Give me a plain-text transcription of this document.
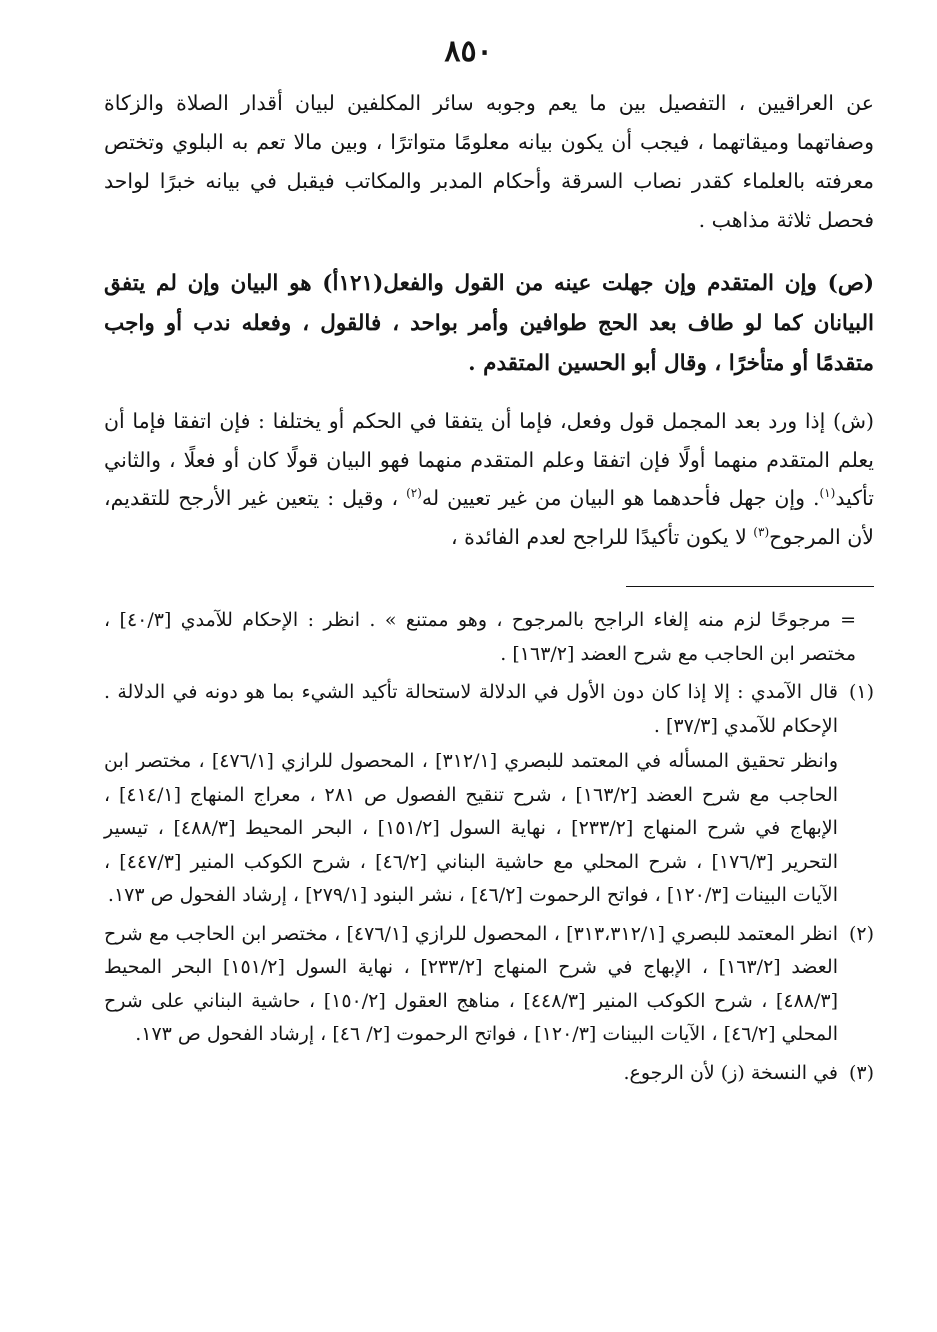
٨٥٠
عن العراقيين ، التفصيل بين ما يعم وجوبه سائر المكلفين لبيان أقدار الصلاة والزكاة وصفاتهما وميقاتهما ، فيجب أن يكون بيانه معلومًا متواترًا ، وبين مالا تعم به البلوي وتختص معرفته بالعلماء كقدر نصاب السرقة وأحكام المدبر والمكاتب فيقبل في بيانه خبرًا لواحد فحصل ثلاثة مذاهب .
(ص) وإن المتقدم وإن جهلت عينه من القول والفعل(١٢١أ) هو البيان وإن لم يتفق البيانان كما لو طاف بعد الحج طوافين وأمر بواحد ، فالقول ، وفعله ندب أو واجب متقدمًا أو متأخرًا ، وقال أبو الحسين المتقدم .
(ش) إذا ورد بعد المجمل قول وفعل، فإما أن يتفقا في الحكم أو يختلفا : فإن اتفقا فإما أن يعلم المتقدم منهما أولًا فإن اتفقا وعلم المتقدم منهما فهو البيان قولًا كان أو فعلًا ، والثاني تأكيد$^{(١)}$. وإن جهل فأحدهما هو البيان من غير تعيين له$^{(٢)}$ ، وقيل : يتعين غير الأرجح للتقديم، لأن المرجوح$^{(٣)}$ لا يكون تأكيدًا للراجح لعدم الفائدة ،
= مرجوحًا لزم منه إلغاء الراجح بالمرجوح ، وهو ممتنع » . انظر : الإحكام للآمدي [٤٠/٣] ، مختصر ابن الحاجب مع شرح العضد [١٦٣/٢] .
(١)
قال الآمدي : إلا إذا كان دون الأول في الدلالة لاستحالة تأكيد الشيء بما هو دونه في الدلالة . الإحكام للآمدي [٣٧/٣] .
وانظر تحقيق المسأله في المعتمد للبصري [٣١٢/١] ، المحصول للرازي [٤٧٦/١] ، مختصر ابن الحاجب مع شرح العضد [١٦٣/٢] ، شرح تنقيح الفصول ص ٢٨١ ، معراج المنهاج [٤١٤/١] ، الإبهاج في شرح المنهاج [٢٣٣/٢] ، نهاية السول [١٥١/٢] ، البحر المحيط [٤٨٨/٣] ، تيسير التحرير [١٧٦/٣] ، شرح المحلي مع حاشية البناني [٤٦/٢] ، شرح الكوكب المنير [٤٤٧/٣] ، الآيات البينات [١٢٠/٣] ، فواتح الرحموت [٤٦/٢] ، نشر البنود [٢٧٩/١] ، إرشاد الفحول ص ١٧٣.
(٢)
انظر المعتمد للبصري [٣١٣،٣١٢/١] ، المحصول للرازي [٤٧٦/١] ، مختصر ابن الحاجب مع شرح العضد [١٦٣/٢] ، الإبهاج في شرح المنهاج [٢٣٣/٢] ، نهاية السول [١٥١/٢] البحر المحيط [٤٨٨/٣] ، شرح الكوكب المنير [٤٤٨/٣] ، مناهج العقول [١٥٠/٢] ، حاشية البناني على شرح المحلي [٤٦/٢] ، الآيات البينات [١٢٠/٣] ، فواتح الرحموت [٢/ ٤٦] ، إرشاد الفحول ص ١٧٣.
(٣)
في النسخة (ز) لأن الرجوع.
